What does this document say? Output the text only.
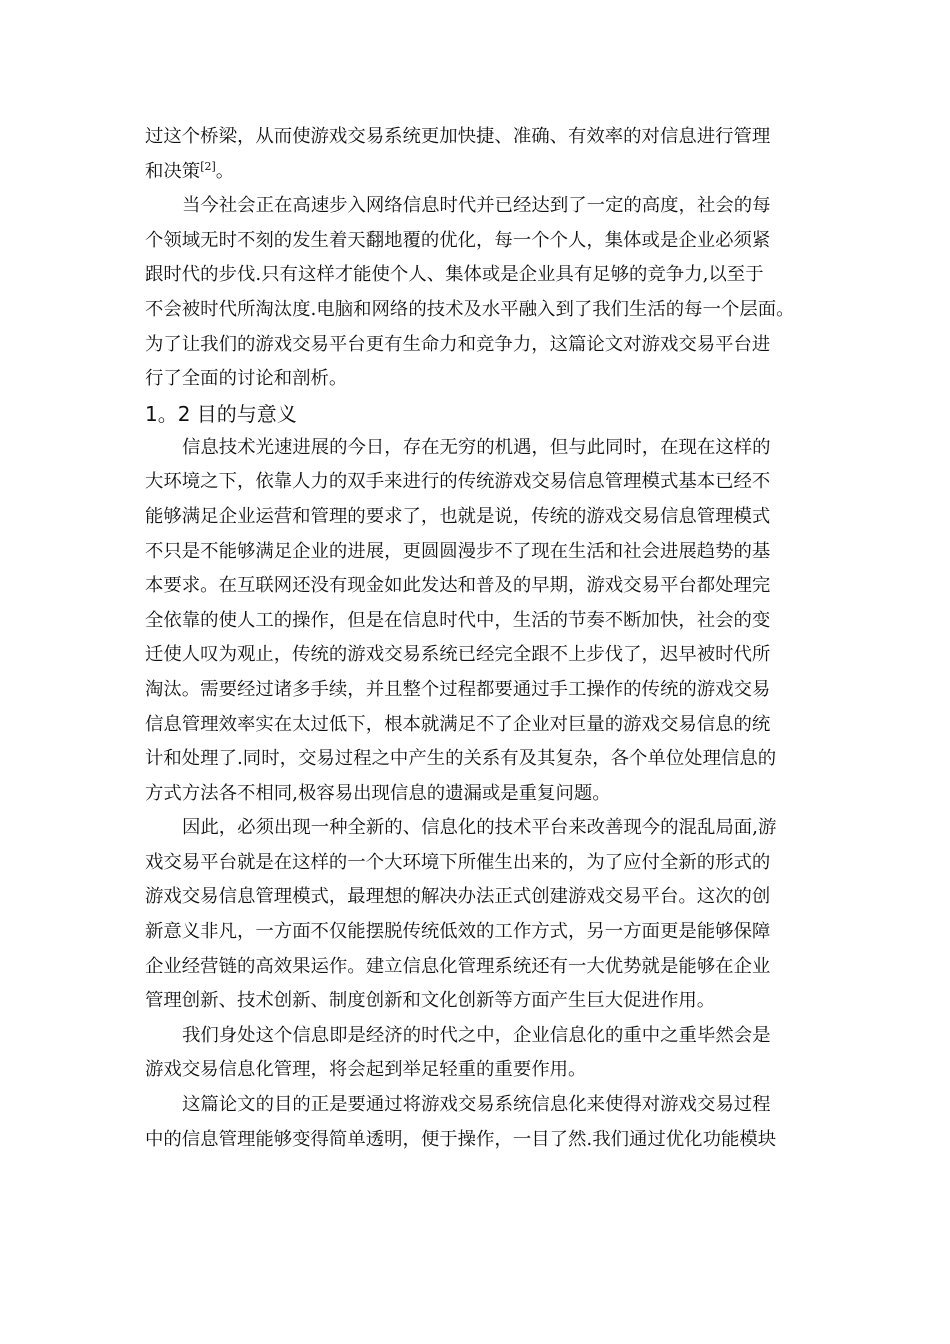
过这个桥梁，从而使游戏交易系统更加快捷、准确、有效率的对信息进行管理
和决策[2]。
当今社会正在高速步入网络信息时代并已经达到了一定的高度，社会的每
个领域无时不刻的发生着天翻地覆的优化，每一个个人，集体或是企业必须紧
跟时代的步伐.只有这样才能使个人、集体或是企业具有足够的竞争力,以至于
不会被时代所淘汰度.电脑和网络的技术及水平融入到了我们生活的每一个层面。
为了让我们的游戏交易平台更有生命力和竞争力，这篇论文对游戏交易平台进
行了全面的讨论和剖析。
1。2 目的与意义
信息技术光速进展的今日，存在无穷的机遇，但与此同时，在现在这样的
大环境之下，依靠人力的双手来进行的传统游戏交易信息管理模式基本已经不
能够满足企业运营和管理的要求了，也就是说，传统的游戏交易信息管理模式
不只是不能够满足企业的进展，更圆圆漫步不了现在生活和社会进展趋势的基
本要求。在互联网还没有现金如此发达和普及的早期，游戏交易平台都处理完
全依靠的使人工的操作，但是在信息时代中，生活的节奏不断加快，社会的变
迁使人叹为观止，传统的游戏交易系统已经完全跟不上步伐了，迟早被时代所
淘汰。需要经过诸多手续，并且整个过程都要通过手工操作的传统的游戏交易
信息管理效率实在太过低下，根本就满足不了企业对巨量的游戏交易信息的统
计和处理了.同时，交易过程之中产生的关系有及其复杂，各个单位处理信息的
方式方法各不相同,极容易出现信息的遗漏或是重复问题。
因此，必须出现一种全新的、信息化的技术平台来改善现今的混乱局面,游
戏交易平台就是在这样的一个大环境下所催生出来的，为了应付全新的形式的
游戏交易信息管理模式，最理想的解决办法正式创建游戏交易平台。这次的创
新意义非凡，一方面不仅能摆脱传统低效的工作方式，另一方面更是能够保障
企业经营链的高效果运作。建立信息化管理系统还有一大优势就是能够在企业
管理创新、技术创新、制度创新和文化创新等方面产生巨大促进作用。
我们身处这个信息即是经济的时代之中，企业信息化的重中之重毕然会是
游戏交易信息化管理，将会起到举足轻重的重要作用。
这篇论文的目的正是要通过将游戏交易系统信息化来使得对游戏交易过程
中的信息管理能够变得简单透明，便于操作，一目了然.我们通过优化功能模块
